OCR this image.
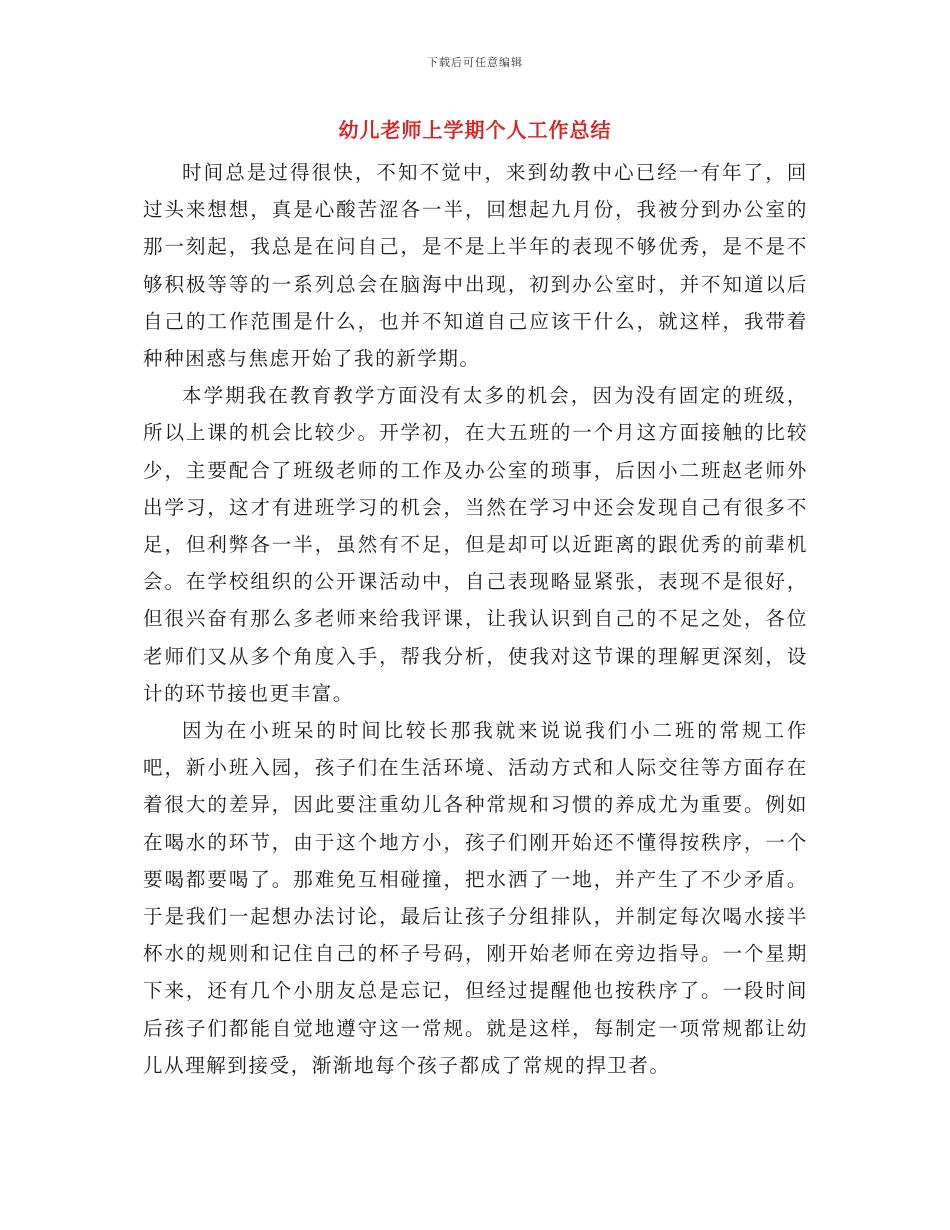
下载后可任意编辑
幼儿老师上学期个人工作总结

时间总是过得很快，不知不觉中，来到幼教中心已经一有年了，回过头来想想，真是心酸苦涩各一半，回想起九月份，我被分到办公室的那一刻起，我总是在问自己，是不是上半年的表现不够优秀，是不是不够积极等等的一系列总会在脑海中出现，初到办公室时，并不知道以后自己的工作范围是什么，也并不知道自己应该干什么，就这样，我带着种种困惑与焦虑开始了我的新学期。

本学期我在教育教学方面没有太多的机会，因为没有固定的班级，所以上课的机会比较少。开学初，在大五班的一个月这方面接触的比较少，主要配合了班级老师的工作及办公室的琐事，后因小二班赵老师外出学习，这才有进班学习的机会，当然在学习中还会发现自己有很多不足，但利弊各一半，虽然有不足，但是却可以近距离的跟优秀的前辈机会。在学校组织的公开课活动中，自己表现略显紧张，表现不是很好，但很兴奋有那么多老师来给我评课，让我认识到自己的不足之处，各位老师们又从多个角度入手，帮我分析，使我对这节课的理解更深刻，设计的环节接也更丰富。

因为在小班呆的时间比较长那我就来说说我们小二班的常规工作吧，新小班入园，孩子们在生活环境、活动方式和人际交往等方面存在着很大的差异，因此要注重幼儿各种常规和习惯的养成尤为重要。例如在喝水的环节，由于这个地方小，孩子们刚开始还不懂得按秩序，一个要喝都要喝了。那难免互相碰撞，把水洒了一地，并产生了不少矛盾。于是我们一起想办法讨论，最后让孩子分组排队，并制定每次喝水接半杯水的规则和记住自己的杯子号码，刚开始老师在旁边指导。一个星期下来，还有几个小朋友总是忘记，但经过提醒他也按秩序了。一段时间后孩子们都能自觉地遵守这一常规。就是这样，每制定一项常规都让幼儿从理解到接受，渐渐地每个孩子都成了常规的捍卫者。
